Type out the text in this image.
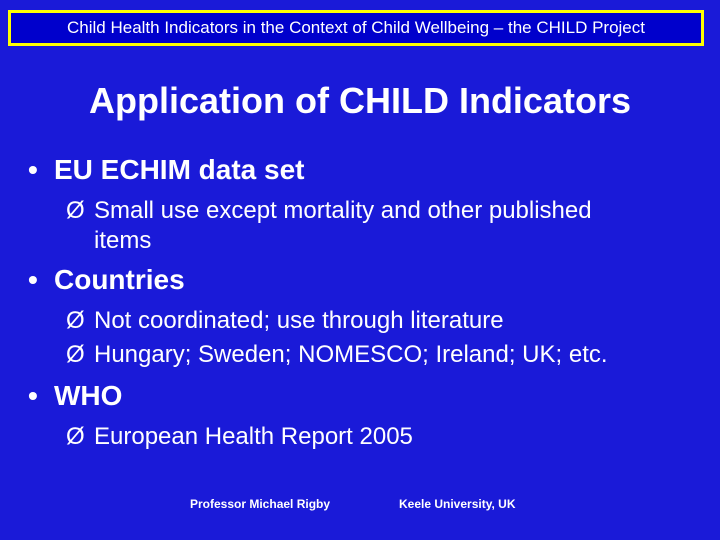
Child Health Indicators in the Context of Child Wellbeing – the CHILD Project
Application of CHILD Indicators
• EU ECHIM data set
Ø Small use except mortality and other published
items
• Countries
Ø Not coordinated; use through literature
Ø Hungary; Sweden; NOMESCO; Ireland; UK; etc.
• WHO
Ø European Health Report 2005
Professor Michael Rigby	Keele University, UK
